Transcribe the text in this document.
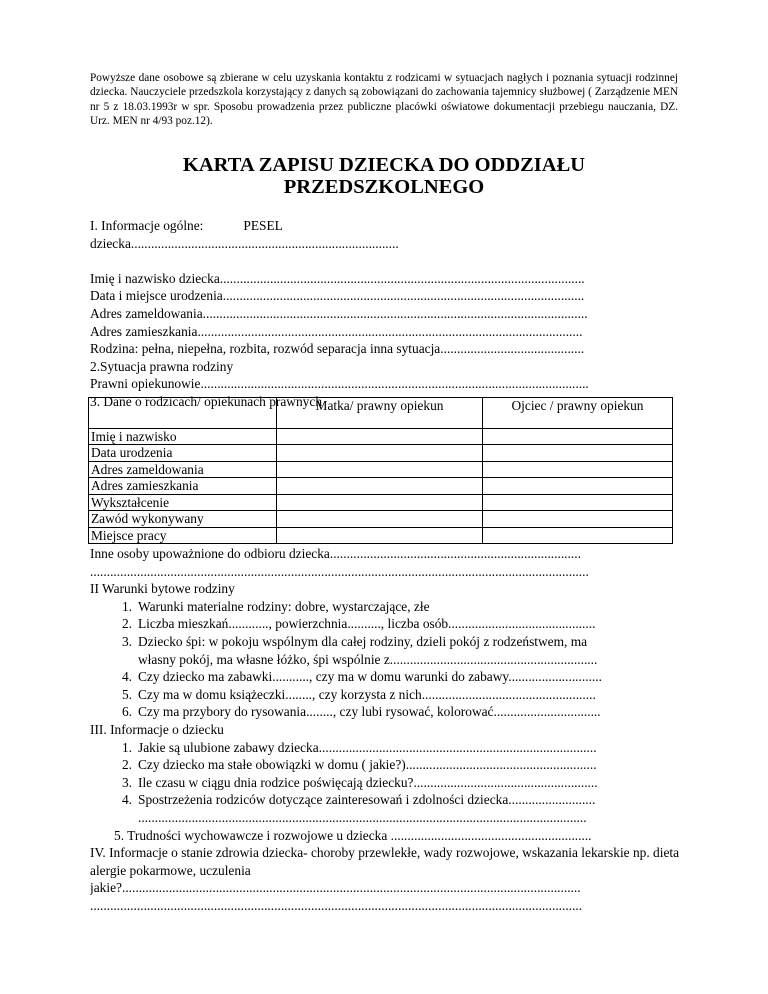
Powyższe dane osobowe są zbierane w celu uzyskania kontaktu z rodzicami w sytuacjach nagłych i poznania sytuacji rodzinnej dziecka. Nauczyciele przedszkola korzystający z danych są zobowiązani do zachowania tajemnicy służbowej ( Zarządzenie MEN nr 5 z 18.03.1993r w spr. Sposobu prowadzenia przez publiczne placówki oświatowe dokumentacji przebiegu nauczania, DZ. Urz. MEN nr 4/93 poz.12).
KARTA ZAPISU DZIECKA DO ODDZIAŁU
PRZEDSZKOLNEGO
I. Informacje ogólne:	PESEL
dziecka................................................................................
Imię i nazwisko dziecka.............................................................................................................
Data i miejsce urodzenia............................................................................................................
Adres zameldowania...................................................................................................................
Adres zamieszkania...................................................................................................................
Rodzina: pełna, niepełna, rozbita, rozwód separacja inna sytuacja...........................................
2.Sytuacja prawna rodziny
Prawni opiekunowie....................................................................................................................
3. Dane o rodzicach/ opiekunach prawnych
	Matka/ prawny opiekun	Ojciec / prawny opiekun

Imię i nazwisko		
Data urodzenia		
Adres zameldowania		
Adres zamieszkania		
Wykształcenie		
Zawód wykonywany		
Miejsce pracy		
Inne osoby upoważnione do odbioru dziecka...........................................................................
.....................................................................................................................................................
II Warunki bytowe rodziny
1. Warunki materialne rodziny: dobre, wystarczające, złe
2. Liczba mieszkań............, powierzchnia.........., liczba osób............................................
3. Dziecko śpi: w pokoju wspólnym dla całej rodziny, dzieli pokój z rodzeństwem, ma
własny pokój, ma własne łóżko, śpi wspólnie z..............................................................
4. Czy dziecko ma zabawki..........., czy ma w domu warunki do zabawy............................
5. Czy ma w domu książeczki........, czy korzysta z nich....................................................
6. Czy ma przybory do rysowania........, czy lubi rysować, kolorować................................
III. Informacje o dziecku
1. Jakie są ulubione zabawy dziecka...................................................................................
2. Czy dziecko ma stałe obowiązki w domu ( jakie?).........................................................
3. Ile czasu w ciągu dnia rodzice poświęcają dziecku?.......................................................
4. Spostrzeżenia rodziców dotyczące zainteresowań i zdolności dziecka..........................
......................................................................................................................................
5. Trudności wychowawcze i rozwojowe u dziecka ............................................................
IV. Informacje o stanie zdrowia dziecka- choroby przewlekłe, wady rozwojowe, wskazania lekarskie np. dieta alergie pokarmowe, uczulenia
jakie?.........................................................................................................................................
...................................................................................................................................................
